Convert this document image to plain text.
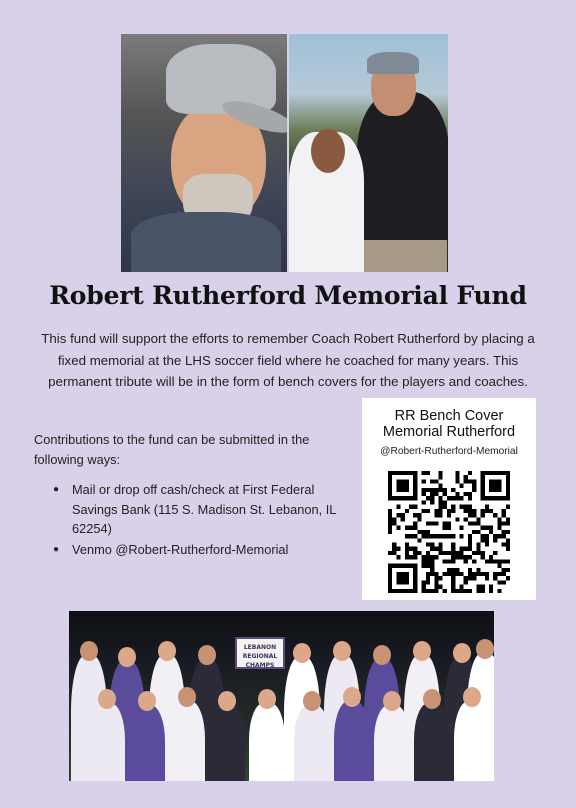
Robert Rutherford Memorial Fund

This fund will support the efforts to remember Coach Robert Rutherford by placing a fixed memorial at the LHS soccer field where he coached for many years. This permanent tribute will be in the form of bench covers for the players and coaches.

Contributions to the fund can be submitted in the following ways:

● Mail or drop off cash/check at First Federal Savings Bank (115 S. Madison St. Lebanon, IL 62254)
● Venmo @Robert-Rutherford-Memorial
RR Bench Cover
Memorial Rutherford
@Robert-Rutherford-Memorial
LEBANON
REGIONAL
CHAMPS
